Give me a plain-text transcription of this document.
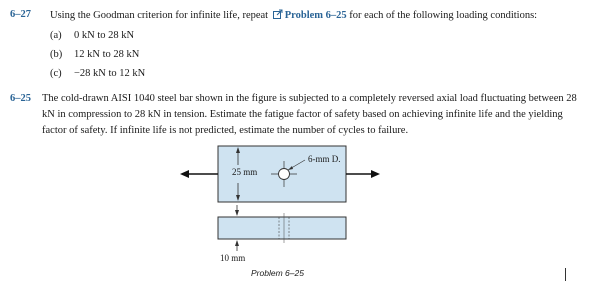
6–27 Using the Goodman criterion for infinite life, repeat Problem 6–25 for each of the following loading conditions:
(a) 0 kN to 28 kN
(b) 12 kN to 28 kN
(c) −28 kN to 12 kN
6–25 The cold-drawn AISI 1040 steel bar shown in the figure is subjected to a completely reversed axial load fluctuating between 28
kN in compression to 28 kN in tension. Estimate the fatigue factor of safety based on achieving infinite life and the yielding
factor of safety. If infinite life is not predicted, estimate the number of cycles to failure.
25 mm
6-mm D.
10 mm
Problem 6–25
